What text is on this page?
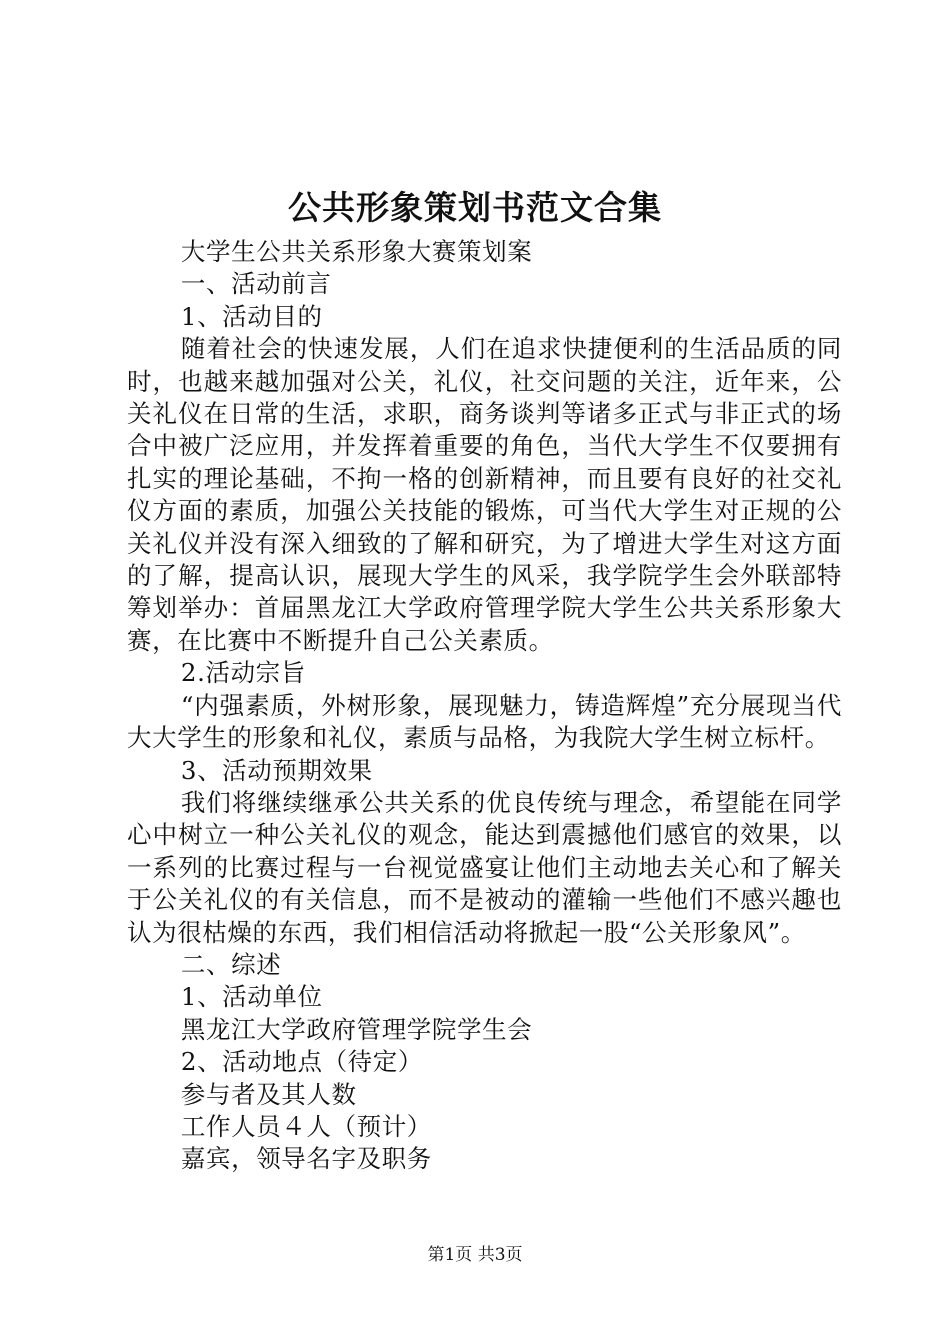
公共形象策划书范文合集

大学生公共关系形象大赛策划案

一、活动前言

1、活动目的

随着社会的快速发展，人们在追求快捷便利的生活品质的同时，也越来越加强对公关，礼仪，社交问题的关注，近年来，公关礼仪在日常的生活，求职，商务谈判等诸多正式与非正式的场合中被广泛应用，并发挥着重要的角色，当代大学生不仅要拥有扎实的理论基础，不拘一格的创新精神，而且要有良好的社交礼仪方面的素质，加强公关技能的锻炼，可当代大学生对正规的公关礼仪并没有深入细致的了解和研究，为了增进大学生对这方面的了解，提高认识，展现大学生的风采，我学院学生会外联部特筹划举办：首届黑龙江大学政府管理学院大学生公共关系形象大赛，在比赛中不断提升自己公关素质。

2.活动宗旨

“内强素质，外树形象，展现魅力，铸造辉煌”充分展现当代大大学生的形象和礼仪，素质与品格，为我院大学生树立标杆。

3、活动预期效果

我们将继续继承公共关系的优良传统与理念，希望能在同学心中树立一种公关礼仪的观念，能达到震撼他们感官的效果，以一系列的比赛过程与一台视觉盛宴让他们主动地去关心和了解关于公关礼仪的有关信息，而不是被动的灌输一些他们不感兴趣也认为很枯燥的东西，我们相信活动将掀起一股“公关形象风”。

二、综述

1、活动单位

黑龙江大学政府管理学院学生会

2、活动地点（待定）

参与者及其人数

工作人员４人（预计）

嘉宾，领导名字及职务

第1页 共3页
